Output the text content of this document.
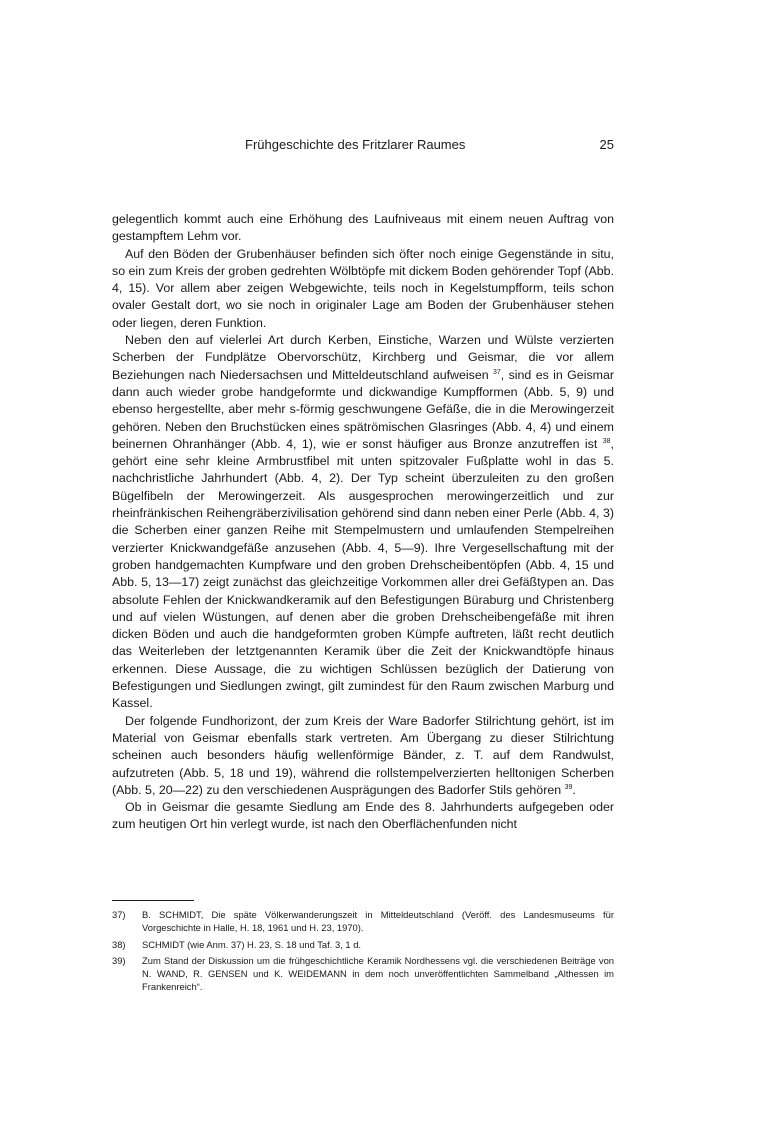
Frühgeschichte des Fritzlarer Raumes	25

gelegentlich kommt auch eine Erhöhung des Laufniveaus mit einem neuen Auftrag von gestampftem Lehm vor.

Auf den Böden der Grubenhäuser befinden sich öfter noch einige Gegenstände in situ, so ein zum Kreis der groben gedrehten Wölbtöpfe mit dickem Boden gehörender Topf (Abb. 4, 15). Vor allem aber zeigen Webgewichte, teils noch in Kegelstumpfform, teils schon ovaler Gestalt dort, wo sie noch in originaler Lage am Boden der Grubenhäuser stehen oder liegen, deren Funktion.

Neben den auf vielerlei Art durch Kerben, Einstiche, Warzen und Wülste verzierten Scherben der Fundplätze Obervorschütz, Kirchberg und Geismar, die vor allem Beziehungen nach Niedersachsen und Mitteldeutschland aufweisen $^{37}$, sind es in Geismar dann auch wieder grobe handgeformte und dickwandige Kumpfformen (Abb. 5, 9) und ebenso hergestellte, aber mehr s-förmig geschwungene Gefäße, die in die Merowingerzeit gehören. Neben den Bruchstücken eines spätrömischen Glasringes (Abb. 4, 4) und einem beinernen Ohranhänger (Abb. 4, 1), wie er sonst häufiger aus Bronze anzutreffen ist $^{38}$, gehört eine sehr kleine Armbrustfibel mit unten spitzovaler Fußplatte wohl in das 5. nachchristliche Jahrhundert (Abb. 4, 2). Der Typ scheint überzuleiten zu den großen Bügelfibeln der Merowingerzeit. Als ausgesprochen merowingerzeitlich und zur rheinfränkischen Reihengräberzivilisation gehörend sind dann neben einer Perle (Abb. 4, 3) die Scherben einer ganzen Reihe mit Stempelmustern und umlaufenden Stempelreihen verzierter Knickwandgefäße anzusehen (Abb. 4, 5—9). Ihre Vergesellschaftung mit der groben handgemachten Kumpfware und den groben Drehscheibentöpfen (Abb. 4, 15 und Abb. 5, 13—17) zeigt zunächst das gleichzeitige Vorkommen aller drei Gefäßtypen an. Das absolute Fehlen der Knickwandkeramik auf den Befestigungen Büraburg und Christenberg und auf vielen Wüstungen, auf denen aber die groben Drehscheibengefäße mit ihren dicken Böden und auch die handgeformten groben Kümpfe auftreten, läßt recht deutlich das Weiterleben der letztgenannten Keramik über die Zeit der Knickwandtöpfe hinaus erkennen. Diese Aussage, die zu wichtigen Schlüssen bezüglich der Datierung von Befestigungen und Siedlungen zwingt, gilt zumindest für den Raum zwischen Marburg und Kassel.

Der folgende Fundhorizont, der zum Kreis der Ware Badorfer Stilrichtung gehört, ist im Material von Geismar ebenfalls stark vertreten. Am Übergang zu dieser Stilrichtung scheinen auch besonders häufig wellenförmige Bänder, z. T. auf dem Randwulst, aufzutreten (Abb. 5, 18 und 19), während die rollstempelverzierten helltonigen Scherben (Abb. 5, 20—22) zu den verschiedenen Ausprägungen des Badorfer Stils gehören $^{39}$.

Ob in Geismar die gesamte Siedlung am Ende des 8. Jahrhunderts aufgegeben oder zum heutigen Ort hin verlegt wurde, ist nach den Oberflächenfunden nicht

37)	B. SCHMIDT, Die späte Völkerwanderungszeit in Mitteldeutschland (Veröff. des Landesmuseums für Vorgeschichte in Halle, H. 18, 1961 und H. 23, 1970).
38)	SCHMIDT (wie Anm. 37) H. 23, S. 18 und Taf. 3, 1 d.
39)	Zum Stand der Diskussion um die frühgeschichtliche Keramik Nordhessens vgl. die verschiedenen Beiträge von N. WAND, R. GENSEN und K. WEIDEMANN in dem noch unveröffentlichten Sammelband „Althessen im Frankenreich“.
